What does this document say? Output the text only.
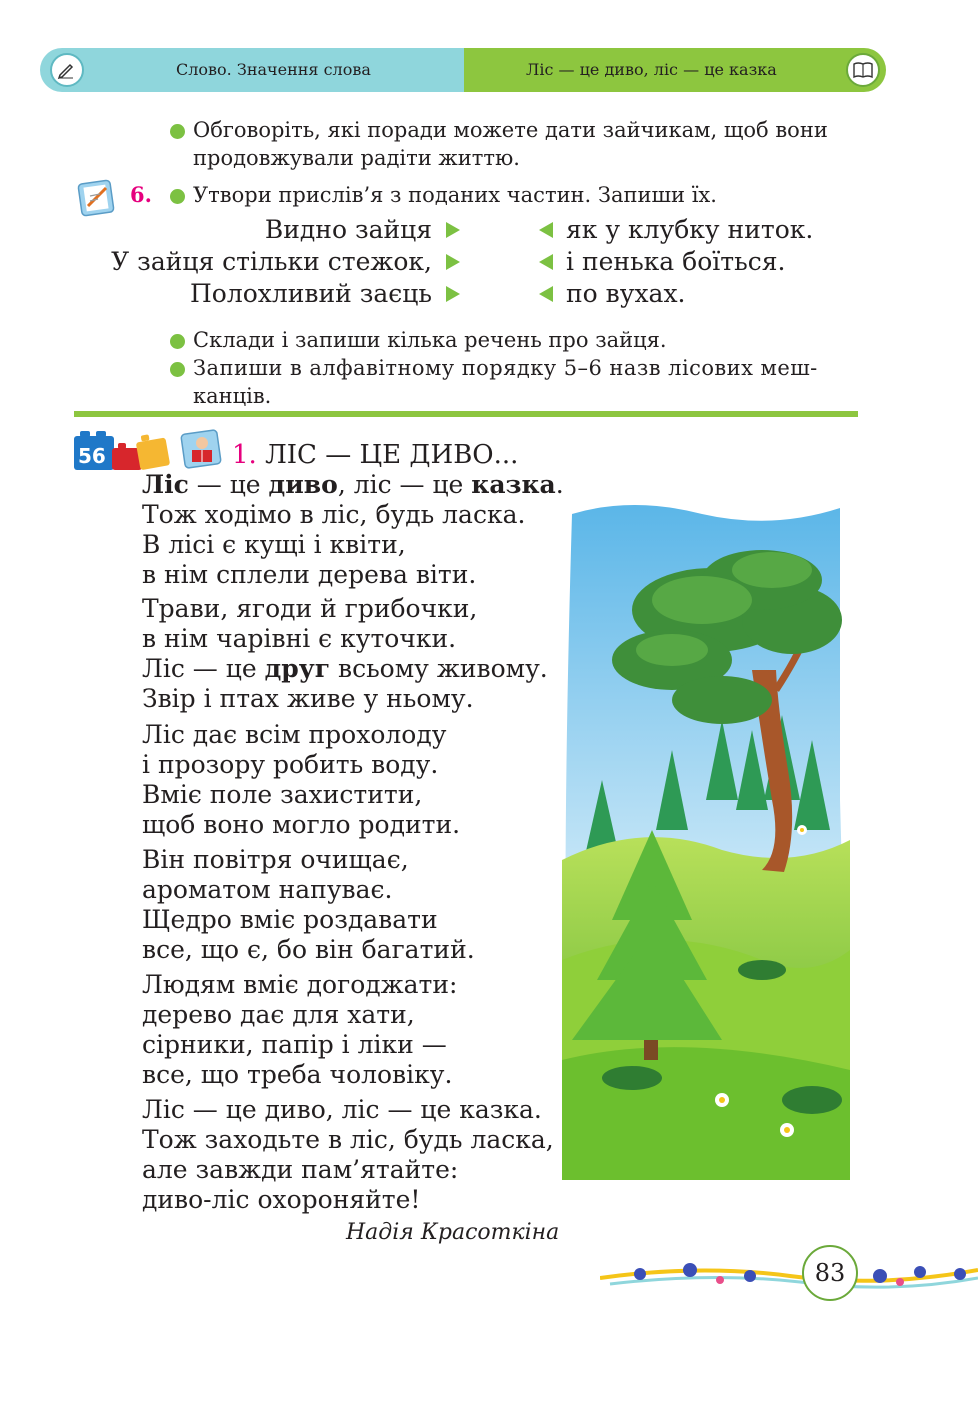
Слово. Значення слова	Ліс — це диво, ліс — це казка
Обговоріть, які поради можете дати зайчикам, щоб вони
продовжували радіти життю.
6. Утвори прислів’я з поданих частин. Запиши їх.
Видно зайця	як у клубку ниток.
У зайця стільки стежок,	і пенька боїться.
Полохливий заєць	по вухах.
Склади і запиши кілька речень про зайця.
Запиши в алфавітному порядку 5–6 назв лісових меш-
канців.
56	1. ЛІС — ЦЕ ДИВО...
Ліс — це диво, ліс — це казка.
Тож ходімо в ліс, будь ласка.
В лісі є кущі і квіти,
в нім сплели дерева віти.
Трави, ягоди й грибочки,
в нім чарівні є куточки.
Ліс — це друг всьому живому.
Звір і птах живе у ньому.
Ліс дає всім прохолоду
і прозору робить воду.
Вміє поле захистити,
щоб воно могло родити.
Він повітря очищає,
ароматом напуває.
Щедро вміє роздавати
все, що є, бо він багатий.
Людям вміє догоджати:
дерево дає для хати,
сірники, папір і ліки —
все, що треба чоловіку.
Ліс — це диво, ліс — це казка.
Тож заходьте в ліс, будь ласка,
але завжди пам’ятайте:
диво-ліс охороняйте!
Надія Красоткіна
83
